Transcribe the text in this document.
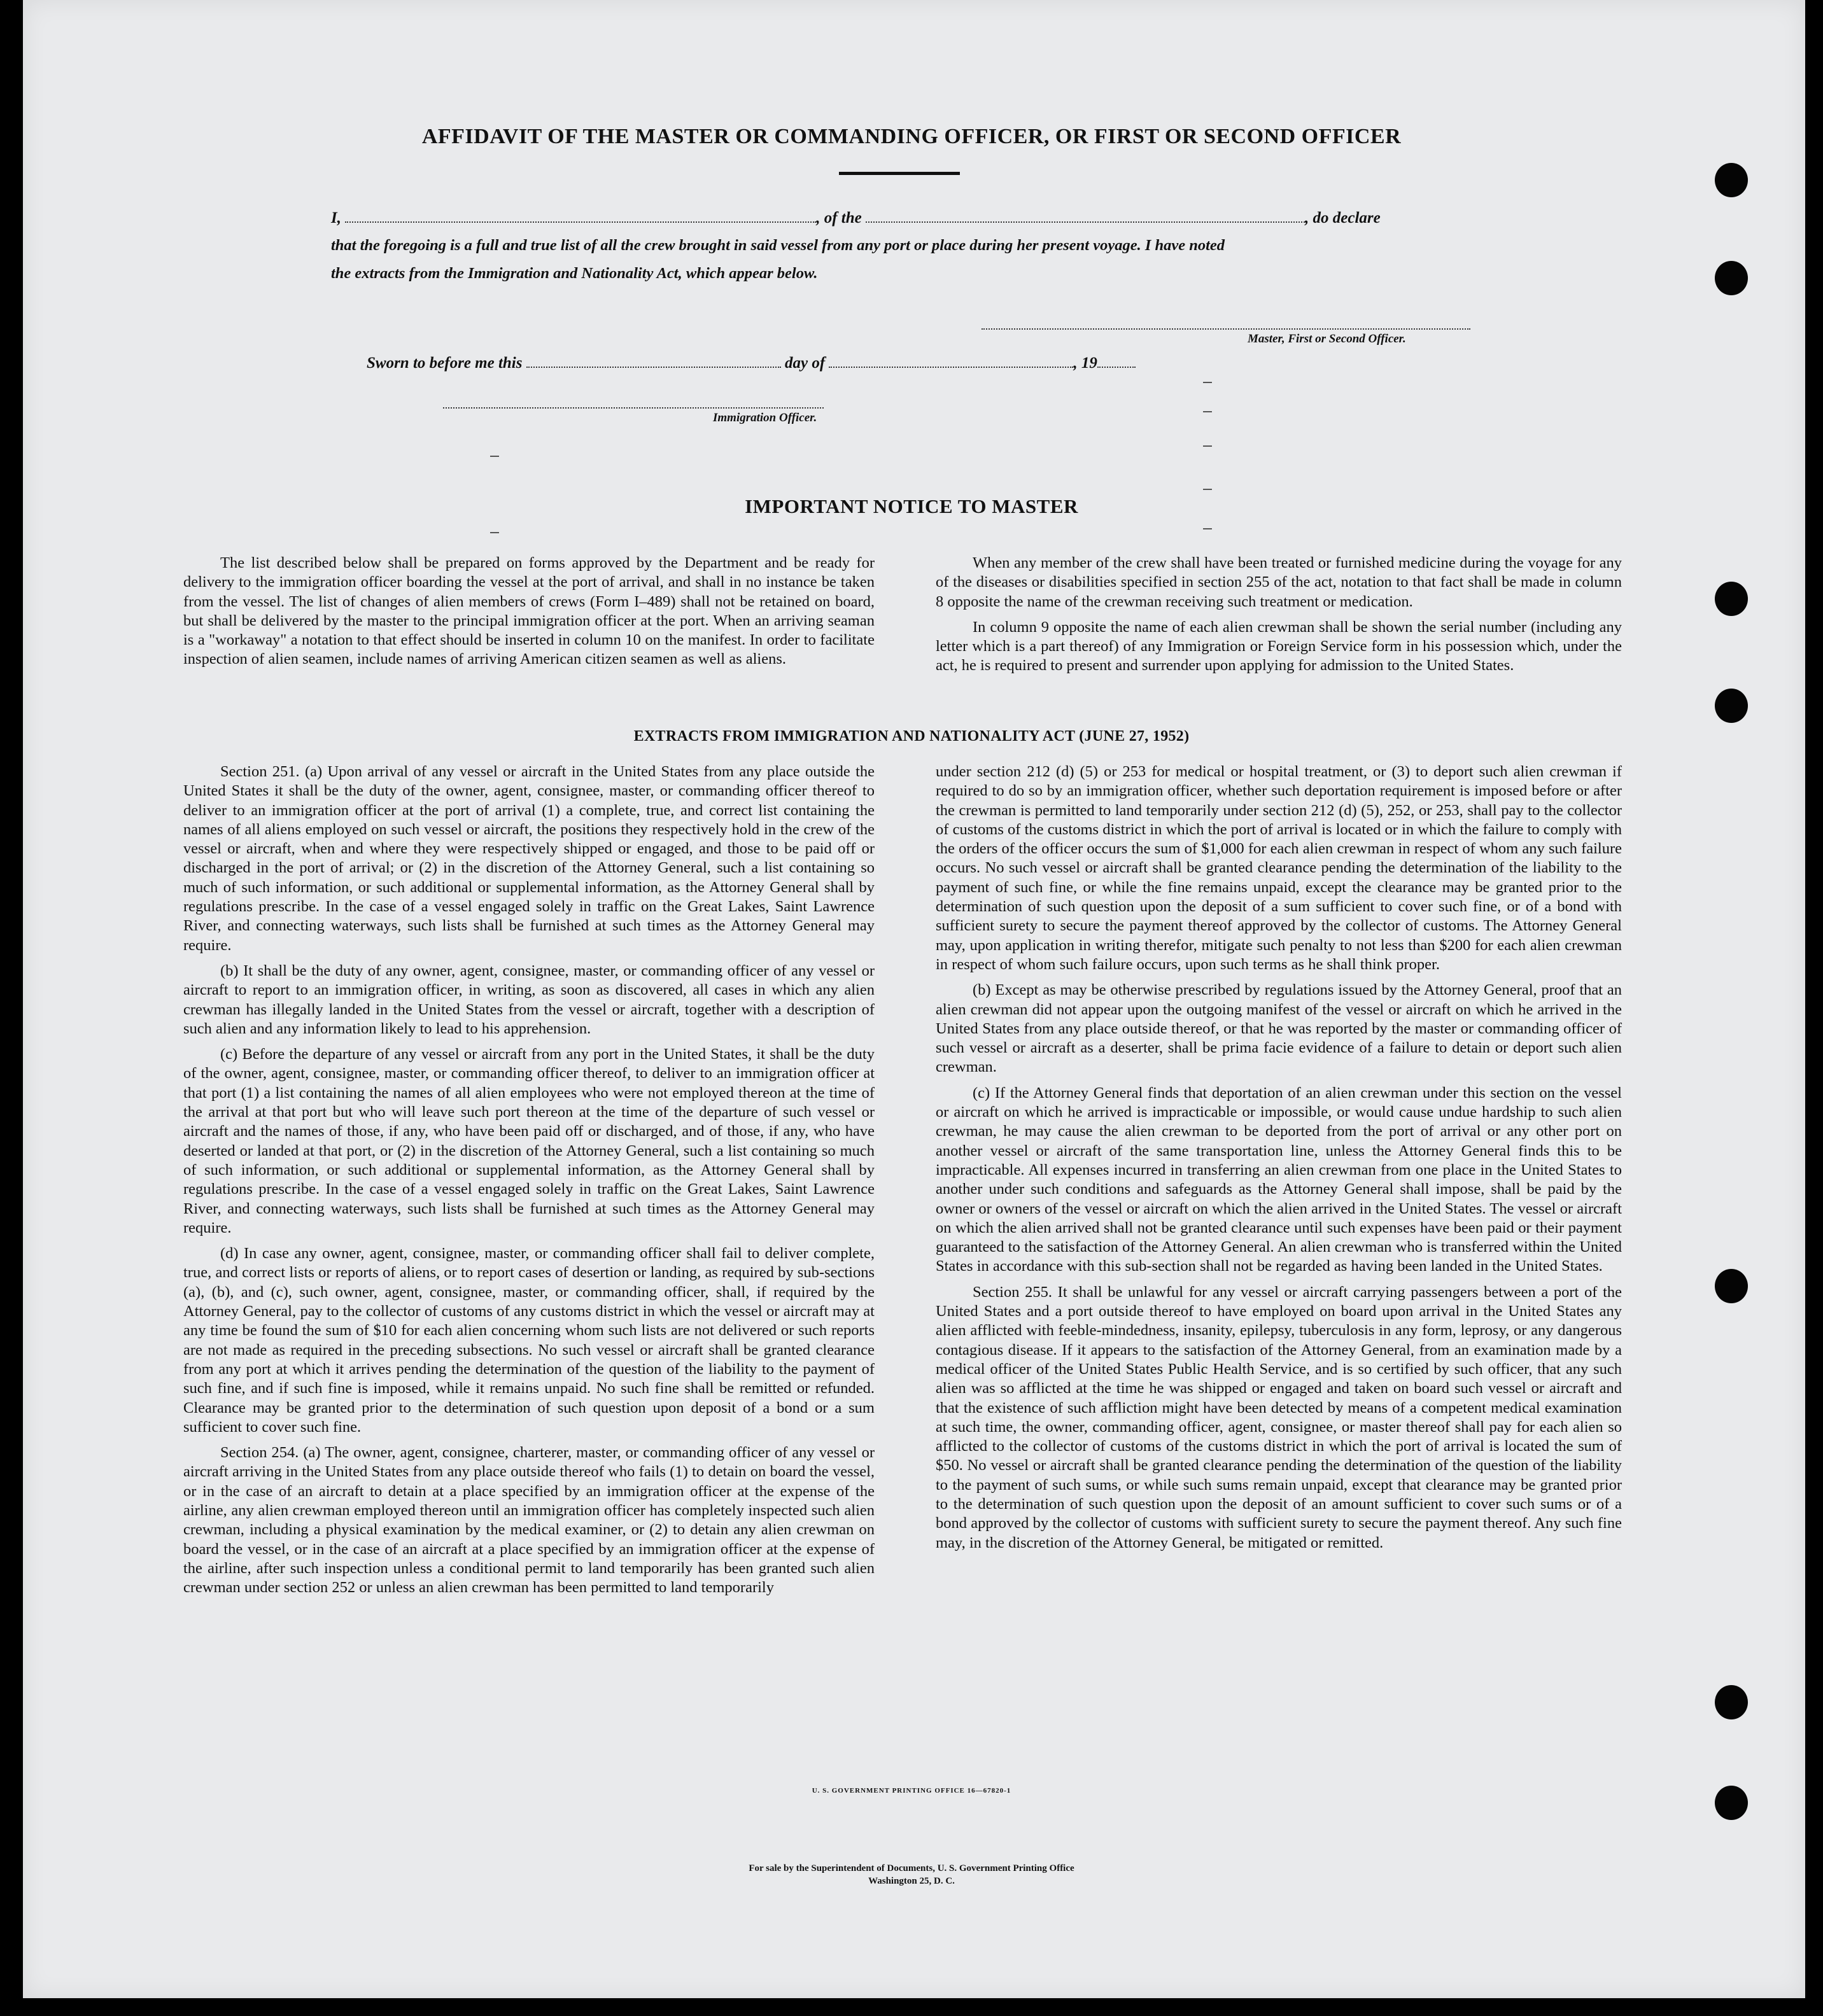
AFFIDAVIT OF THE MASTER OR COMMANDING OFFICER, OR FIRST OR SECOND OFFICER
I,	, of the	, do declare
that the foregoing is a full and true list of all the crew brought in said vessel from any port or place during her present voyage. I have noted
the extracts from the Immigration and Nationality Act, which appear below.
Master, First or Second Officer.
Sworn to before me this	day of	, 19
Immigration Officer.
IMPORTANT NOTICE TO MASTER

The list described below shall be prepared on forms approved by the Department and be ready for delivery to the immigration officer boarding the vessel at the port of arrival, and shall in no instance be taken from the vessel. The list of changes of alien members of crews (Form I–489) shall not be retained on board, but shall be delivered by the master to the principal immigration officer at the port. When an arriving seaman is a "workaway" a notation to that effect should be inserted in column 10 on the manifest. In order to facilitate inspection of alien seamen, include names of arriving American citizen seamen as well as aliens.

When any member of the crew shall have been treated or furnished medicine during the voyage for any of the diseases or disabilities specified in section 255 of the act, notation to that fact shall be made in column 8 opposite the name of the crewman receiving such treatment or medication.

In column 9 opposite the name of each alien crewman shall be shown the serial number (including any letter which is a part thereof) of any Immigration or Foreign Service form in his possession which, under the act, he is required to present and surrender upon applying for admission to the United States.

EXTRACTS FROM IMMIGRATION AND NATIONALITY ACT (JUNE 27, 1952)

Section 251. (a) Upon arrival of any vessel or aircraft in the United States from any place outside the United States it shall be the duty of the owner, agent, consignee, master, or commanding officer thereof to deliver to an immigration officer at the port of arrival (1) a complete, true, and correct list containing the names of all aliens employed on such vessel or aircraft, the positions they respectively hold in the crew of the vessel or aircraft, when and where they were respectively shipped or engaged, and those to be paid off or discharged in the port of arrival; or (2) in the discretion of the Attorney General, such a list containing so much of such information, or such additional or supplemental information, as the Attorney General shall by regulations prescribe. In the case of a vessel engaged solely in traffic on the Great Lakes, Saint Lawrence River, and connecting waterways, such lists shall be furnished at such times as the Attorney General may require.

(b) It shall be the duty of any owner, agent, consignee, master, or commanding officer of any vessel or aircraft to report to an immigration officer, in writing, as soon as discovered, all cases in which any alien crewman has illegally landed in the United States from the vessel or aircraft, together with a description of such alien and any information likely to lead to his apprehension.

(c) Before the departure of any vessel or aircraft from any port in the United States, it shall be the duty of the owner, agent, consignee, master, or commanding officer thereof, to deliver to an immigration officer at that port (1) a list containing the names of all alien employees who were not employed thereon at the time of the arrival at that port but who will leave such port thereon at the time of the departure of such vessel or aircraft and the names of those, if any, who have been paid off or discharged, and of those, if any, who have deserted or landed at that port, or (2) in the discretion of the Attorney General, such a list containing so much of such information, or such additional or supplemental information, as the Attorney General shall by regulations prescribe. In the case of a vessel engaged solely in traffic on the Great Lakes, Saint Lawrence River, and connecting waterways, such lists shall be furnished at such times as the Attorney General may require.

(d) In case any owner, agent, consignee, master, or commanding officer shall fail to deliver complete, true, and correct lists or reports of aliens, or to report cases of desertion or landing, as required by sub-sections (a), (b), and (c), such owner, agent, consignee, master, or commanding officer, shall, if required by the Attorney General, pay to the collector of customs of any customs district in which the vessel or aircraft may at any time be found the sum of $10 for each alien concerning whom such lists are not delivered or such reports are not made as required in the preceding subsections. No such vessel or aircraft shall be granted clearance from any port at which it arrives pending the determination of the question of the liability to the payment of such fine, and if such fine is imposed, while it remains unpaid. No such fine shall be remitted or refunded. Clearance may be granted prior to the determination of such question upon deposit of a bond or a sum sufficient to cover such fine.

Section 254. (a) The owner, agent, consignee, charterer, master, or commanding officer of any vessel or aircraft arriving in the United States from any place outside thereof who fails (1) to detain on board the vessel, or in the case of an aircraft to detain at a place specified by an immigration officer at the expense of the airline, any alien crewman employed thereon until an immigration officer has completely inspected such alien crewman, including a physical examination by the medical examiner, or (2) to detain any alien crewman on board the vessel, or in the case of an aircraft at a place specified by an immigration officer at the expense of the airline, after such inspection unless a conditional permit to land temporarily has been granted such alien crewman under section 252 or unless an alien crewman has been permitted to land temporarily

under section 212 (d) (5) or 253 for medical or hospital treatment, or (3) to deport such alien crewman if required to do so by an immigration officer, whether such deportation requirement is imposed before or after the crewman is permitted to land temporarily under section 212 (d) (5), 252, or 253, shall pay to the collector of customs of the customs district in which the port of arrival is located or in which the failure to comply with the orders of the officer occurs the sum of $1,000 for each alien crewman in respect of whom any such failure occurs. No such vessel or aircraft shall be granted clearance pending the determination of the liability to the payment of such fine, or while the fine remains unpaid, except the clearance may be granted prior to the determination of such question upon the deposit of a sum sufficient to cover such fine, or of a bond with sufficient surety to secure the payment thereof approved by the collector of customs. The Attorney General may, upon application in writing therefor, mitigate such penalty to not less than $200 for each alien crewman in respect of whom such failure occurs, upon such terms as he shall think proper.

(b) Except as may be otherwise prescribed by regulations issued by the Attorney General, proof that an alien crewman did not appear upon the outgoing manifest of the vessel or aircraft on which he arrived in the United States from any place outside thereof, or that he was reported by the master or commanding officer of such vessel or aircraft as a deserter, shall be prima facie evidence of a failure to detain or deport such alien crewman.

(c) If the Attorney General finds that deportation of an alien crewman under this section on the vessel or aircraft on which he arrived is impracticable or impossible, or would cause undue hardship to such alien crewman, he may cause the alien crewman to be deported from the port of arrival or any other port on another vessel or aircraft of the same transportation line, unless the Attorney General finds this to be impracticable. All expenses incurred in transferring an alien crewman from one place in the United States to another under such conditions and safeguards as the Attorney General shall impose, shall be paid by the owner or owners of the vessel or aircraft on which the alien arrived in the United States. The vessel or aircraft on which the alien arrived shall not be granted clearance until such expenses have been paid or their payment guaranteed to the satisfaction of the Attorney General. An alien crewman who is transferred within the United States in accordance with this sub-section shall not be regarded as having been landed in the United States.

Section 255. It shall be unlawful for any vessel or aircraft carrying passengers between a port of the United States and a port outside thereof to have employed on board upon arrival in the United States any alien afflicted with feeble-mindedness, insanity, epilepsy, tuberculosis in any form, leprosy, or any dangerous contagious disease. If it appears to the satisfaction of the Attorney General, from an examination made by a medical officer of the United States Public Health Service, and is so certified by such officer, that any such alien was so afflicted at the time he was shipped or engaged and taken on board such vessel or aircraft and that the existence of such affliction might have been detected by means of a competent medical examination at such time, the owner, commanding officer, agent, consignee, or master thereof shall pay for each alien so afflicted to the collector of customs of the customs district in which the port of arrival is located the sum of $50. No vessel or aircraft shall be granted clearance pending the determination of the question of the liability to the payment of such sums, or while such sums remain unpaid, except that clearance may be granted prior to the determination of such question upon the deposit of an amount sufficient to cover such sums or of a bond approved by the collector of customs with sufficient surety to secure the payment thereof. Any such fine may, in the discretion of the Attorney General, be mitigated or remitted.

U. S. GOVERNMENT PRINTING OFFICE 16—67820-1
For sale by the Superintendent of Documents, U. S. Government Printing Office
Washington 25, D. C.
